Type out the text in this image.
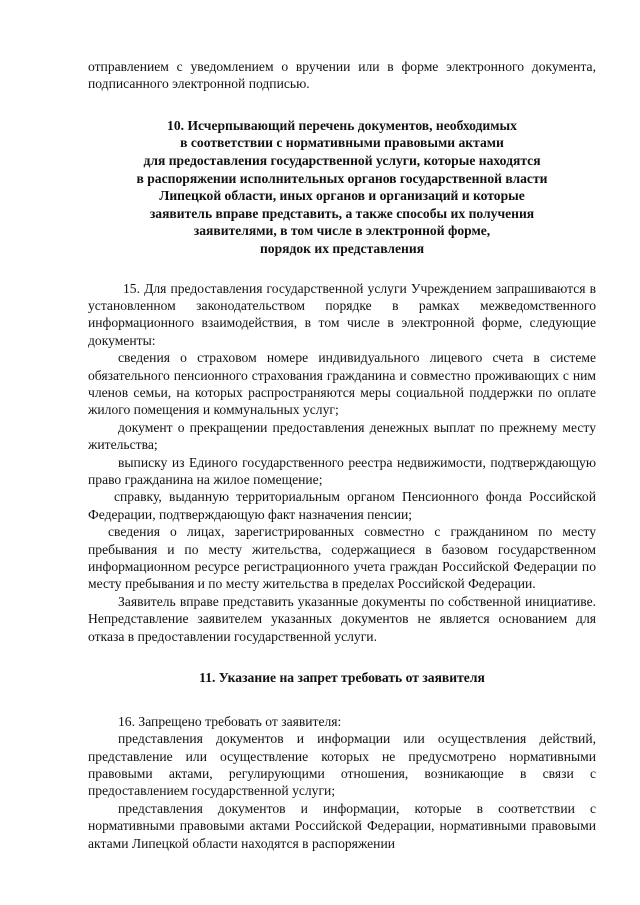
отправлением с уведомлением о вручении или в форме электронного документа, подписанного электронной подписью.

10. Исчерпывающий перечень документов, необходимых
в соответствии с нормативными правовыми актами
для предоставления государственной услуги, которые находятся
в распоряжении исполнительных органов государственной власти
Липецкой области, иных органов и организаций и которые
заявитель вправе представить, а также способы их получения
заявителями, в том числе в электронной форме,
порядок их представления

15. Для предоставления государственной услуги Учреждением запрашиваются в установленном законодательством порядке в рамках межведомственного информационного взаимодействия, в том числе в электронной форме, следующие документы:

сведения о страховом номере индивидуального лицевого счета в системе обязательного пенсионного страхования гражданина и совместно проживающих с ним членов семьи, на которых распространяются меры социальной поддержки по оплате жилого помещения и коммунальных услуг;

документ о прекращении предоставления денежных выплат по прежнему месту жительства;

выписку из Единого государственного реестра недвижимости, подтверждающую право гражданина на жилое помещение;

справку, выданную территориальным органом Пенсионного фонда Российской Федерации, подтверждающую факт назначения пенсии;

сведения о лицах, зарегистрированных совместно с гражданином по месту пребывания и по месту жительства, содержащиеся в базовом государственном информационном ресурсе регистрационного учета граждан Российской Федерации по месту пребывания и по месту жительства в пределах Российской Федерации.

Заявитель вправе представить указанные документы по собственной инициативе. Непредставление заявителем указанных документов не является основанием для отказа в предоставлении государственной услуги.

11. Указание на запрет требовать от заявителя

16. Запрещено требовать от заявителя:

представления документов и информации или осуществления действий, представление или осуществление которых не предусмотрено нормативными правовыми актами, регулирующими отношения, возникающие в связи с предоставлением государственной услуги;

представления документов и информации, которые в соответствии с нормативными правовыми актами Российской Федерации, нормативными правовыми актами Липецкой области находятся в распоряжении
